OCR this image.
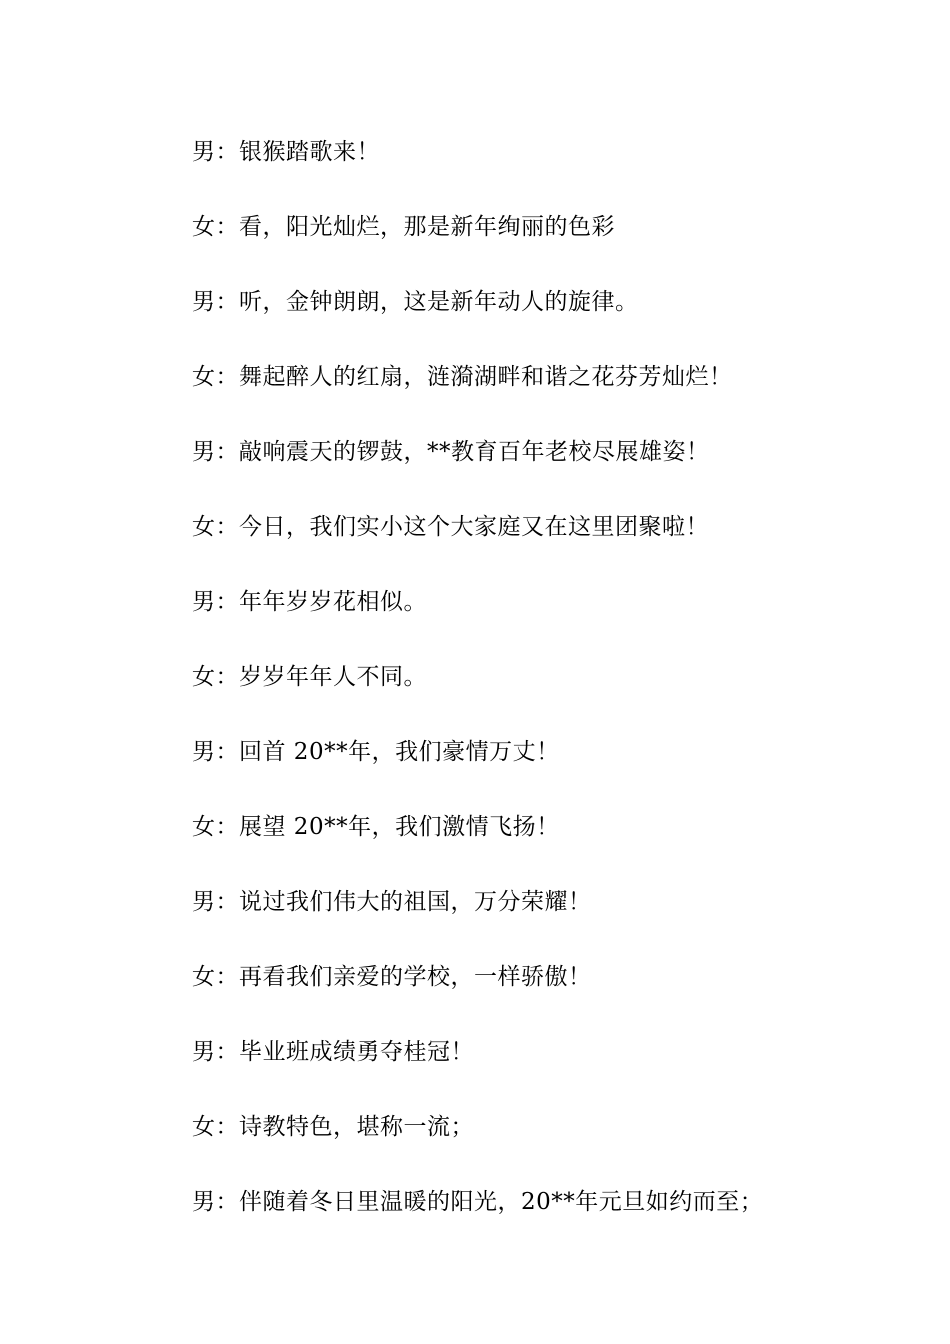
男：银猴踏歌来！
女：看，阳光灿烂，那是新年绚丽的色彩
男：听，金钟朗朗，这是新年动人的旋律。
女：舞起醉人的红扇，涟漪湖畔和谐之花芬芳灿烂！
男：敲响震天的锣鼓，**教育百年老校尽展雄姿！
女：今日，我们实小这个大家庭又在这里团聚啦！
男：年年岁岁花相似。
女：岁岁年年人不同。
男：回首 20**年，我们豪情万丈！
女：展望 20**年，我们激情飞扬！
男：说过我们伟大的祖国，万分荣耀！
女：再看我们亲爱的学校，一样骄傲！
男：毕业班成绩勇夺桂冠！
女：诗教特色，堪称一流；
男：伴随着冬日里温暖的阳光，20**年元旦如约而至；
